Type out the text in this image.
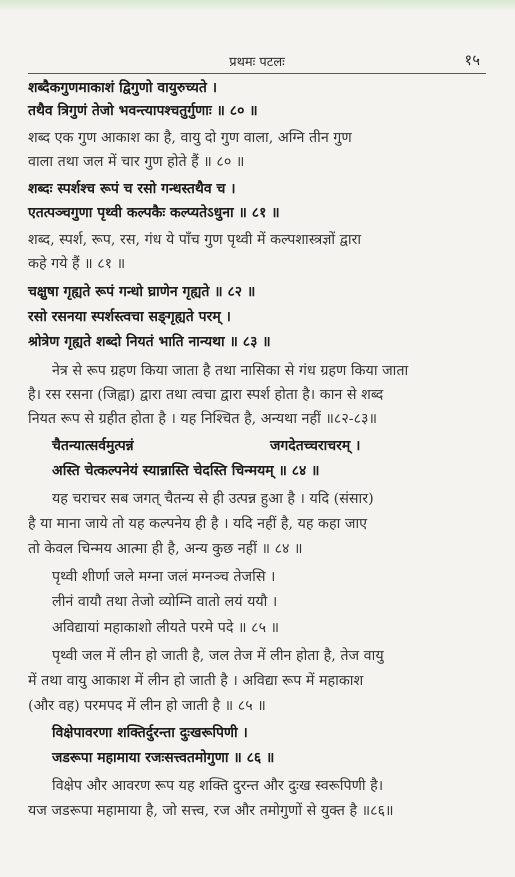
प्रथमः पटलः	१५
शब्दैकगुणमाकाशं द्विगुणो वायुरुच्यते ।
तथैव त्रिगुणं तेजो भवन्त्यापश्चतुर्गुणाः ॥ ८० ॥
शब्द एक गुण आकाश का है, वायु दो गुण वाला, अग्नि तीन गुण
वाला तथा जल में चार गुण होते हैं ॥ ८० ॥
शब्दः स्पर्शश्च रूपं च रसो गन्धस्तथैव च ।
एतत्पञ्चगुणा पृथ्वी कल्पकैः कल्प्यतेऽधुना ॥ ८१ ॥
शब्द, स्पर्श, रूप, रस, गंध ये पाँच गुण पृथ्वी में कल्पशास्त्रज्ञों द्वारा
कहे गये हैं ॥ ८१ ॥
चक्षुषा गृह्यते रूपं गन्धो घ्राणेन गृह्यते ॥ ८२ ॥
रसो रसनया स्पर्शस्त्वचा सङ्गृह्यते परम् ।
श्रोत्रेण गृह्यते शब्दो नियतं भाति नान्यथा ॥ ८३ ॥
नेत्र से रूप ग्रहण किया जाता है तथा नासिका से गंध ग्रहण किया जाता
है। रस रसना (जिह्वा) द्वारा तथा त्वचा द्वारा स्पर्श होता है। कान से शब्द
नियत रूप से ग्रहीत होता है । यह निश्चित है, अन्यथा नहीं ॥८२-८३॥
चैतन्यात्सर्वमुत्पन्नं	जगदेतच्चराचरम् ।
अस्ति चेत्कल्पनेयं स्यान्नास्ति चेदस्ति चिन्मयम् ॥ ८४ ॥
यह चराचर सब जगत् चैतन्य से ही उत्पन्न हुआ है । यदि (संसार)
है या माना जाये तो यह कल्पनेय ही है । यदि नहीं है, यह कहा जाए
तो केवल चिन्मय आत्मा ही है, अन्य कुछ नहीं ॥ ८४ ॥
पृथ्वी शीर्णा जले मग्ना जलं मग्नञ्च तेजसि ।
लीनं वायौ तथा तेजो व्योम्नि वातो लयं ययौ ।
अविद्यायां महाकाशो लीयते परमे पदे ॥ ८५ ॥
पृथ्वी जल में लीन हो जाती है, जल तेज में लीन होता है, तेज वायु
में तथा वायु आकाश में लीन हो जाती है । अविद्या रूप में महाकाश
(और वह) परमपद में लीन हो जाती है ॥ ८५ ॥
विक्षेपावरणा शक्तिर्दुरन्ता दुःखरूपिणी ।
जडरूपा महामाया रजःसत्त्वतमोगुणा ॥ ८६ ॥
विक्षेप और आवरण रूप यह शक्ति दुरन्त और दुःख स्वरूपिणी है।
यज जडरूपा महामाया है, जो सत्त्व, रज और तमोगुणों से युक्त है ॥८६॥
